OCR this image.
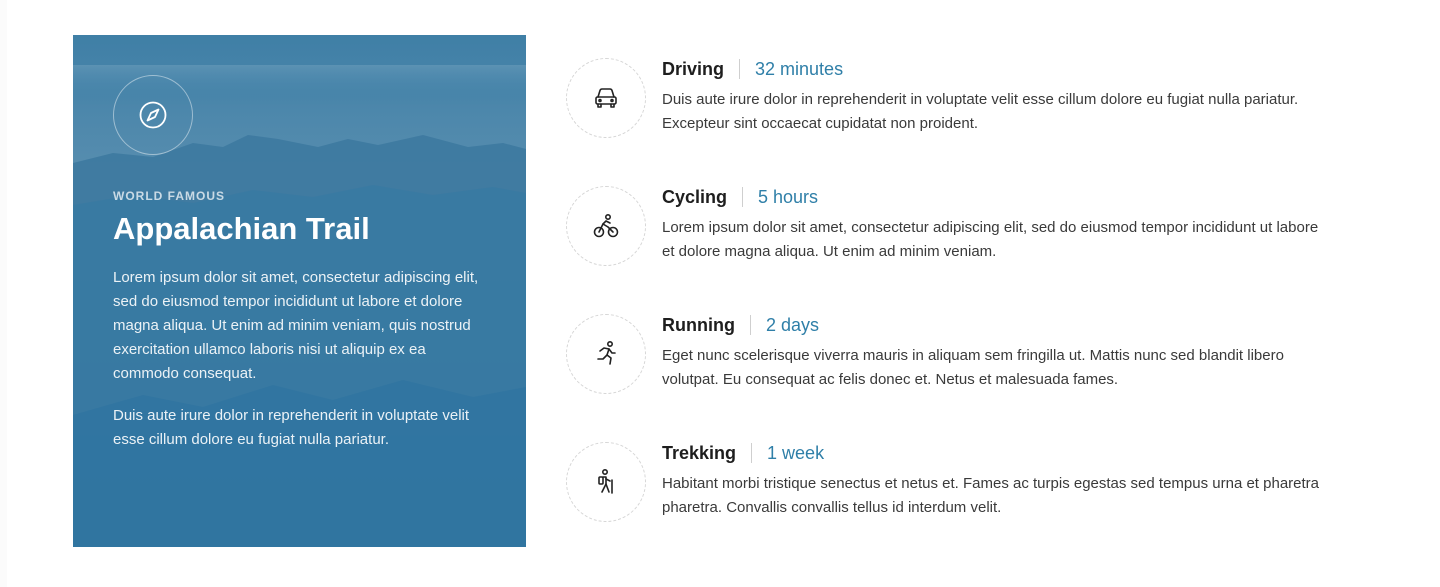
WORLD FAMOUS
Appalachian Trail

Lorem ipsum dolor sit amet, consectetur adipiscing elit, sed do eiusmod tempor incididunt ut labore et dolore magna aliqua. Ut enim ad minim veniam, quis nostrud exercitation ullamco laboris nisi ut aliquip ex ea commodo consequat.

Duis aute irure dolor in reprehenderit in voluptate velit esse cillum dolore eu fugiat nulla pariatur.

Driving 32 minutes
Duis aute irure dolor in reprehenderit in voluptate velit esse cillum dolore eu fugiat nulla pariatur. Excepteur sint occaecat cupidatat non proident.
Cycling 5 hours
Lorem ipsum dolor sit amet, consectetur adipiscing elit, sed do eiusmod tempor incididunt ut labore et dolore magna aliqua. Ut enim ad minim veniam.
Running 2 days
Eget nunc scelerisque viverra mauris in aliquam sem fringilla ut. Mattis nunc sed blandit libero volutpat. Eu consequat ac felis donec et. Netus et malesuada fames.
Trekking 1 week
Habitant morbi tristique senectus et netus et. Fames ac turpis egestas sed tempus urna et pharetra pharetra. Convallis convallis tellus id interdum velit.
